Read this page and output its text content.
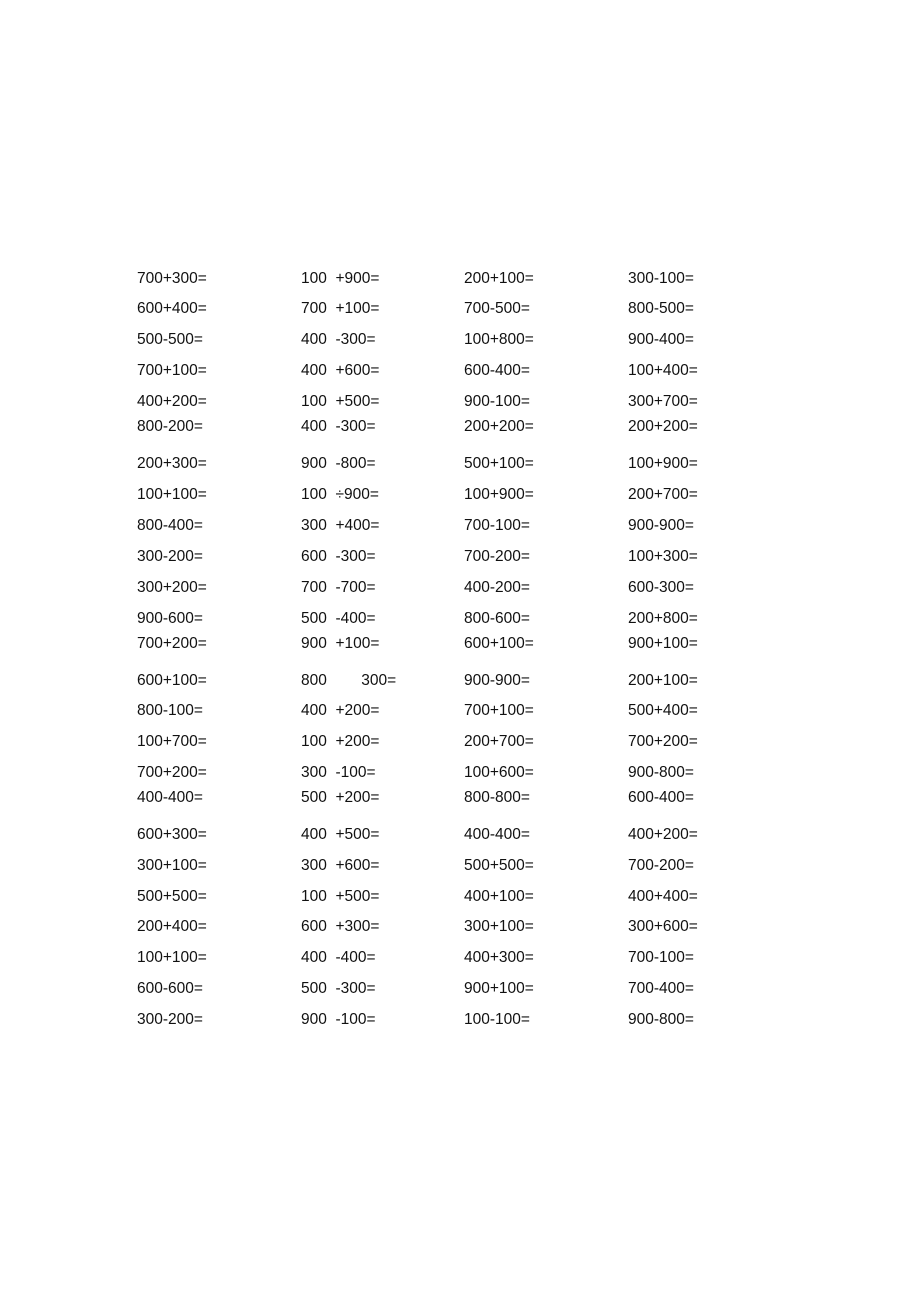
700+300=	100  +900=	200+100=	300-100=
600+400=	700  +100=	700-500=	800-500=
500-500=	400  -300=	100+800=	900-400=
700+100=	400  +600=	600-400=	100+400=
400+200=	100  +500=	900-100=	300+700=
800-200=	400  -300=	200+200=	200+200=
200+300=	900  -800=	500+100=	100+900=
100+100=	100  ÷900=	100+900=	200+700=
800-400=	300  +400=	700-100=	900-900=
300-200=	600  -300=	700-200=	100+300=
300+200=	700  -700=	400-200=	600-300=
900-600=	500  -400=	800-600=	200+800=
700+200=	900  +100=	600+100=	900+100=
600+100=	800        300=	900-900=	200+100=
800-100=	400  +200=	700+100=	500+400=
100+700=	100  +200=	200+700=	700+200=
700+200=	300  -100=	100+600=	900-800=
400-400=	500  +200=	800-800=	600-400=
600+300=	400  +500=	400-400=	400+200=
300+100=	300  +600=	500+500=	700-200=
500+500=	100  +500=	400+100=	400+400=
200+400=	600  +300=	300+100=	300+600=
100+100=	400  -400=	400+300=	700-100=
600-600=	500  -300=	900+100=	700-400=
300-200=	900  -100=	100-100=	900-800=
